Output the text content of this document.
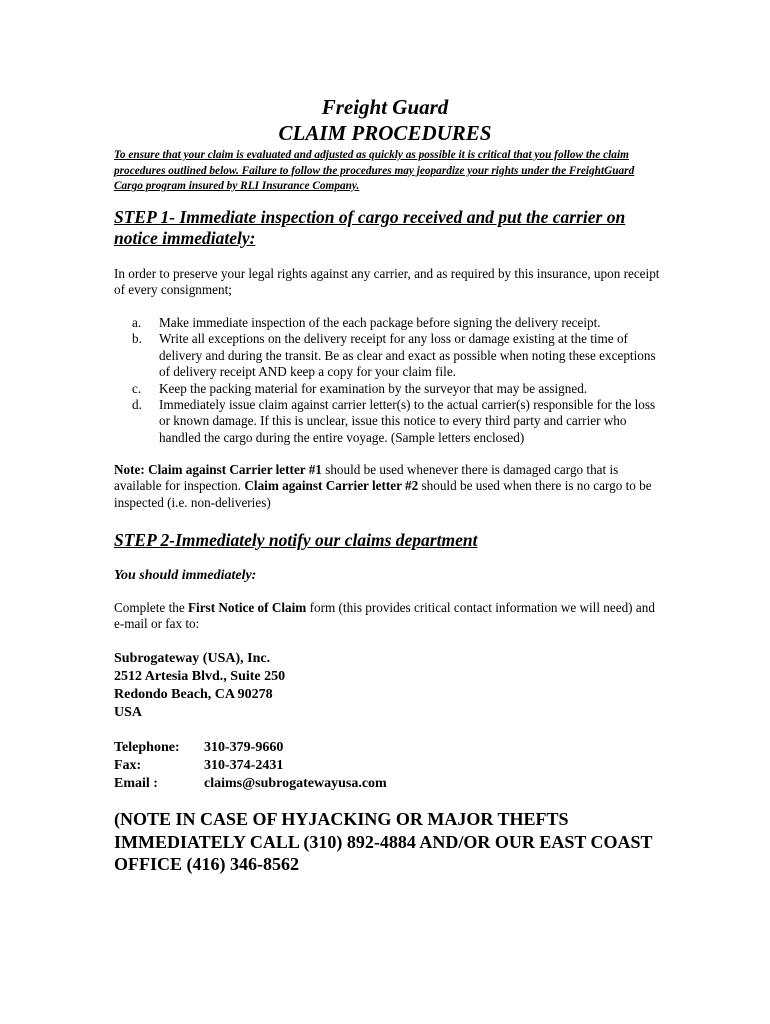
Freight Guard
CLAIM PROCEDURES
To ensure that your claim is evaluated and adjusted as quickly as possible it is critical that you follow the claim procedures outlined below. Failure to follow the procedures may jeopardize your rights under the FreightGuard Cargo program insured by RLI Insurance Company.
STEP 1- Immediate inspection of cargo received and put the carrier on notice immediately:
In order to preserve your legal rights against any carrier, and as required by this insurance, upon receipt of every consignment;
a.	Make immediate inspection of the each package before signing the delivery receipt.
b.	Write all exceptions on the delivery receipt for any loss or damage existing at the time of delivery and during the transit. Be as clear and exact as possible when noting these exceptions of delivery receipt AND keep a copy for your claim file.
c.	Keep the packing material for examination by the surveyor that may be assigned.
d.	Immediately issue claim against carrier letter(s) to the actual carrier(s) responsible for the loss or known damage. If this is unclear, issue this notice to every third party and carrier who handled the cargo during the entire voyage. (Sample letters enclosed)
Note: Claim against Carrier letter #1 should be used whenever there is damaged cargo that is available for inspection. Claim against Carrier letter #2 should be used when there is no cargo to be inspected (i.e. non-deliveries)
STEP 2-Immediately notify our claims department
You should immediately:
Complete the First Notice of Claim form (this provides critical contact information we will need) and e-mail or fax to:
Subrogateway (USA), Inc.
2512 Artesia Blvd., Suite 250
Redondo Beach, CA 90278
USA
Telephone:	310-379-9660
Fax:	310-374-2431
Email :	claims@subrogatewayusa.com
(NOTE IN CASE OF HYJACKING OR MAJOR THEFTS IMMEDIATELY CALL (310) 892-4884 AND/OR OUR EAST COAST OFFICE (416) 346-8562
